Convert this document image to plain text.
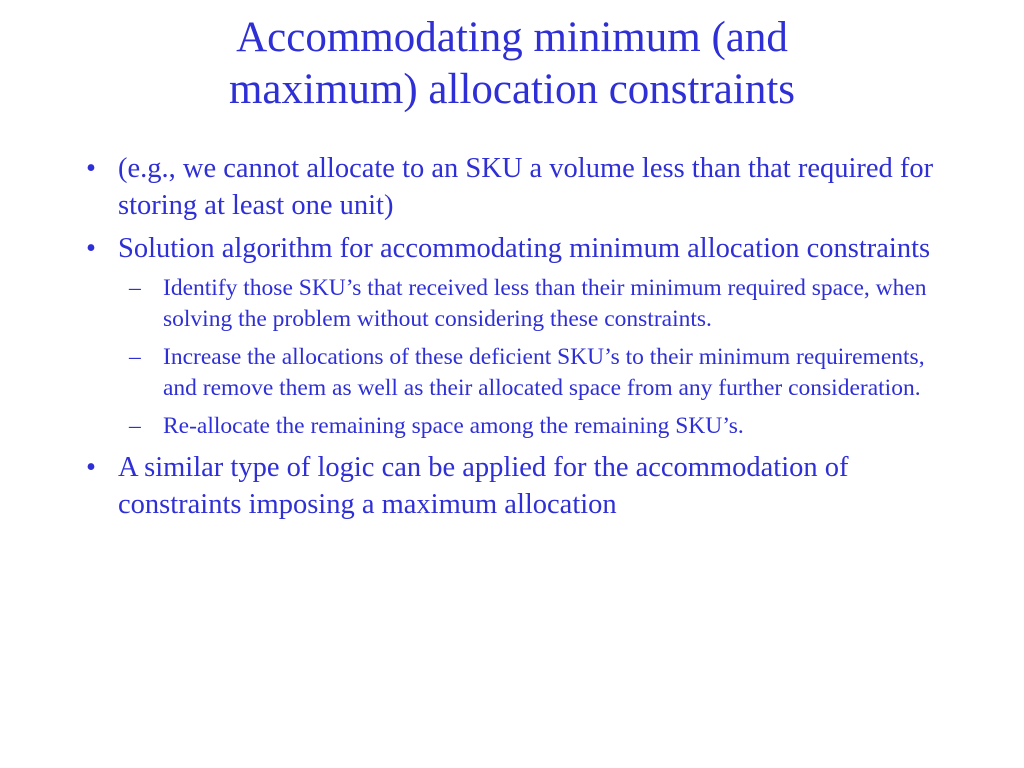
Accommodating minimum (and
maximum) allocation constraints
• (e.g., we cannot allocate to an SKU a volume less than that required for storing at least one unit)
• Solution algorithm for accommodating minimum allocation constraints
– Identify those SKU’s that received less than their minimum required space, when solving the problem without considering these constraints.
– Increase the allocations of these deficient SKU’s to their minimum requirements, and remove them as well as their allocated space from any further consideration.
– Re-allocate the remaining space among the remaining SKU’s.
• A similar type of logic can be applied for the accommodation of constraints imposing a maximum allocation
